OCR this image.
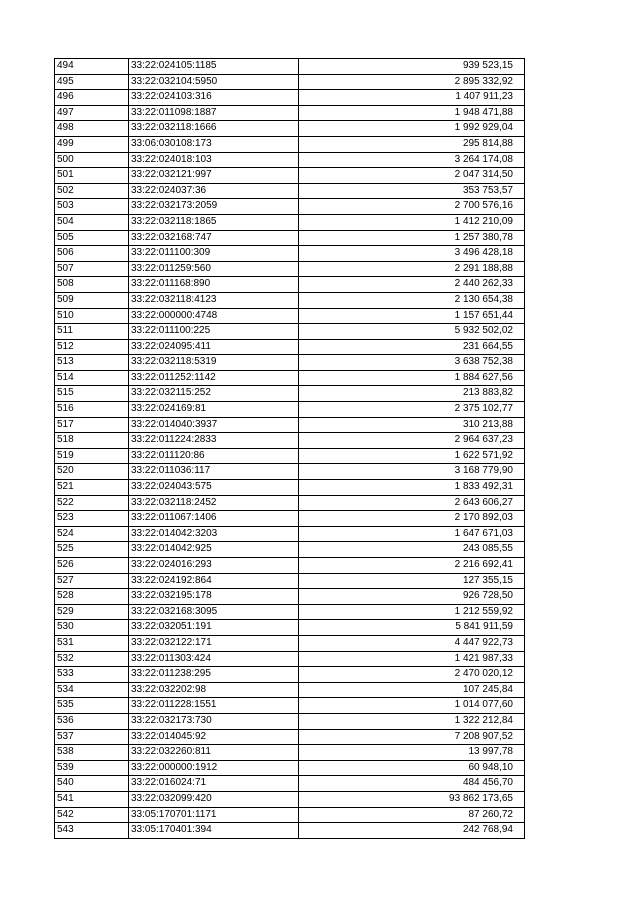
494	33:22:024105:1185	939 523,15
495	33:22:032104:5950	2 895 332,92
496	33:22:024103:316	1 407 911,23
497	33:22:011098:1887	1 948 471,88
498	33:22:032118:1666	1 992 929,04
499	33:06:030108:173	295 814,88
500	33:22:024018:103	3 264 174,08
501	33:22:032121:997	2 047 314,50
502	33:22:024037:36	353 753,57
503	33:22:032173:2059	2 700 576,16
504	33:22:032118:1865	1 412 210,09
505	33:22:032168:747	1 257 380,78
506	33:22:011100:309	3 496 428,18
507	33:22:011259:560	2 291 188,88
508	33:22:011168:890	2 440 262,33
509	33:22:032118:4123	2 130 654,38
510	33:22:000000:4748	1 157 651,44
511	33:22:011100:225	5 932 502,02
512	33:22:024095:411	231 664,55
513	33:22:032118:5319	3 638 752,38
514	33:22:011252:1142	1 884 627,56
515	33:22:032115:252	213 883,82
516	33:22:024169:81	2 375 102,77
517	33:22:014040:3937	310 213,88
518	33:22:011224:2833	2 964 637,23
519	33:22:011120:86	1 622 571,92
520	33:22:011036:117	3 168 779,90
521	33:22:024043:575	1 833 492,31
522	33:22:032118:2452	2 643 606,27
523	33:22:011067:1406	2 170 892,03
524	33:22:014042:3203	1 647 671,03
525	33:22:014042:925	243 085,55
526	33:22:024016:293	2 216 692,41
527	33:22:024192:864	127 355,15
528	33:22:032195:178	926 728,50
529	33:22:032168:3095	1 212 559,92
530	33:22:032051:191	5 841 911,59
531	33:22:032122:171	4 447 922,73
532	33:22:011303:424	1 421 987,33
533	33:22:011238:295	2 470 020,12
534	33:22:032202:98	107 245,84
535	33:22:011228:1551	1 014 077,60
536	33:22:032173:730	1 322 212,84
537	33:22:014045:92	7 208 907,52
538	33:22:032260:811	13 997,78
539	33:22:000000:1912	60 948,10
540	33:22:016024:71	484 456,70
541	33:22:032099:420	93 862 173,65
542	33:05:170701:1171	87 260,72
543	33:05:170401:394	242 768,94
